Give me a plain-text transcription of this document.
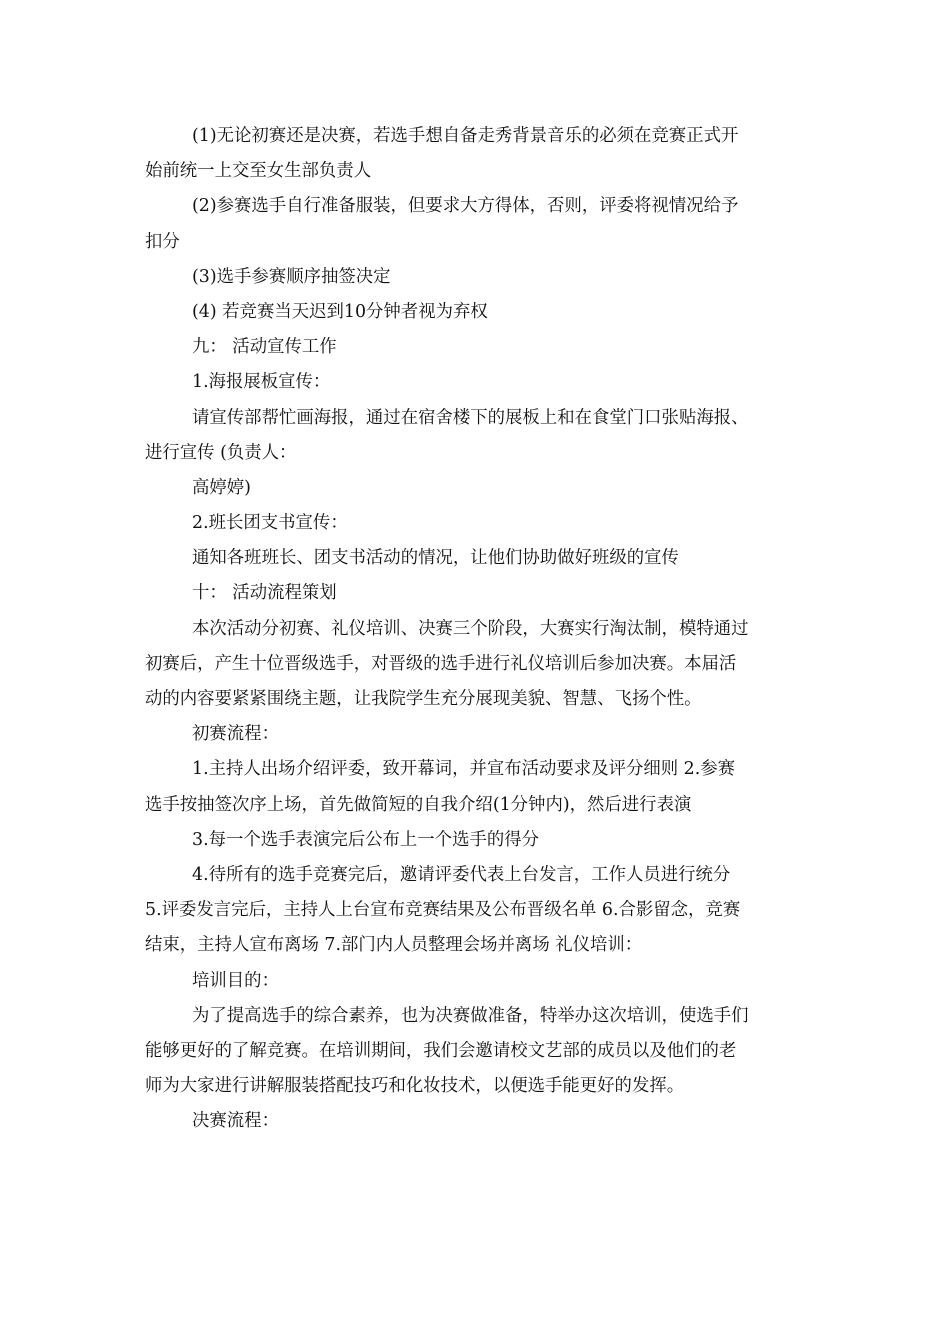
(1)无论初赛还是决赛，若选手想自备走秀背景音乐的必须在竞赛正式开
始前统一上交至女生部负责人
(2)参赛选手自行准备服装，但要求大方得体，否则，评委将视情况给予
扣分
(3)选手参赛顺序抽签决定
(4) 若竞赛当天迟到10分钟者视为弃权
九： 活动宣传工作
1.海报展板宣传：
请宣传部帮忙画海报，通过在宿舍楼下的展板上和在食堂门口张贴海报、
进行宣传 (负责人：
高婷婷)
2.班长团支书宣传：
通知各班班长、团支书活动的情况，让他们协助做好班级的宣传
十： 活动流程策划
本次活动分初赛、礼仪培训、决赛三个阶段，大赛实行淘汰制，模特通过
初赛后，产生十位晋级选手，对晋级的选手进行礼仪培训后参加决赛。本届活
动的内容要紧紧围绕主题，让我院学生充分展现美貌、智慧、飞扬个性。
初赛流程：
1.主持人出场介绍评委，致开幕词，并宣布活动要求及评分细则 2.参赛
选手按抽签次序上场，首先做简短的自我介绍(1分钟内)，然后进行表演
3.每一个选手表演完后公布上一个选手的得分
4.待所有的选手竞赛完后，邀请评委代表上台发言，工作人员进行统分
5.评委发言完后，主持人上台宣布竞赛结果及公布晋级名单 6.合影留念，竞赛
结束，主持人宣布离场 7.部门内人员整理会场并离场 礼仪培训：
培训目的：
为了提高选手的综合素养，也为决赛做准备，特举办这次培训，使选手们
能够更好的了解竞赛。在培训期间，我们会邀请校文艺部的成员以及他们的老
师为大家进行讲解服装搭配技巧和化妆技术，以便选手能更好的发挥。
决赛流程：
